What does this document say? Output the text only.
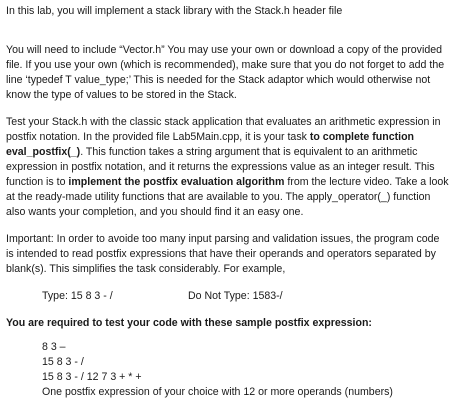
In this lab, you will implement a stack library with the Stack.h header file
You will need to include “Vector.h” You may use your own or download a copy of the provided
file. If you use your own (which is recommended), make sure that you do not forget to add the
line ‘typedef T value_type;’ This is needed for the Stack adaptor which would otherwise not
know the type of values to be stored in the Stack.
Test your Stack.h with the classic stack application that evaluates an arithmetic expression in
postfix notation. In the provided file Lab5Main.cpp, it is your task to complete function
eval_postfix(_). This function takes a string argument that is equivalent to an arithmetic
expression in postfix notation, and it returns the expressions value as an integer result. This
function is to implement the postfix evaluation algorithm from the lecture video. Take a look
at the ready-made utility functions that are available to you. The apply_operator(_) function
also wants your completion, and you should find it an easy one.
Important: In order to avoide too many input parsing and validation issues, the program code
is intended to read postfix expressions that have their operands and operators separated by
blank(s). This simplifies the task considerably. For example,
Type: 15 8 3 - /	Do Not Type: 1583-/
You are required to test your code with these sample postfix expression:
8 3 –
15 8 3 - /
15 8 3 - / 12 7 3 + * +
One postfix expression of your choice with 12 or more operands (numbers)
